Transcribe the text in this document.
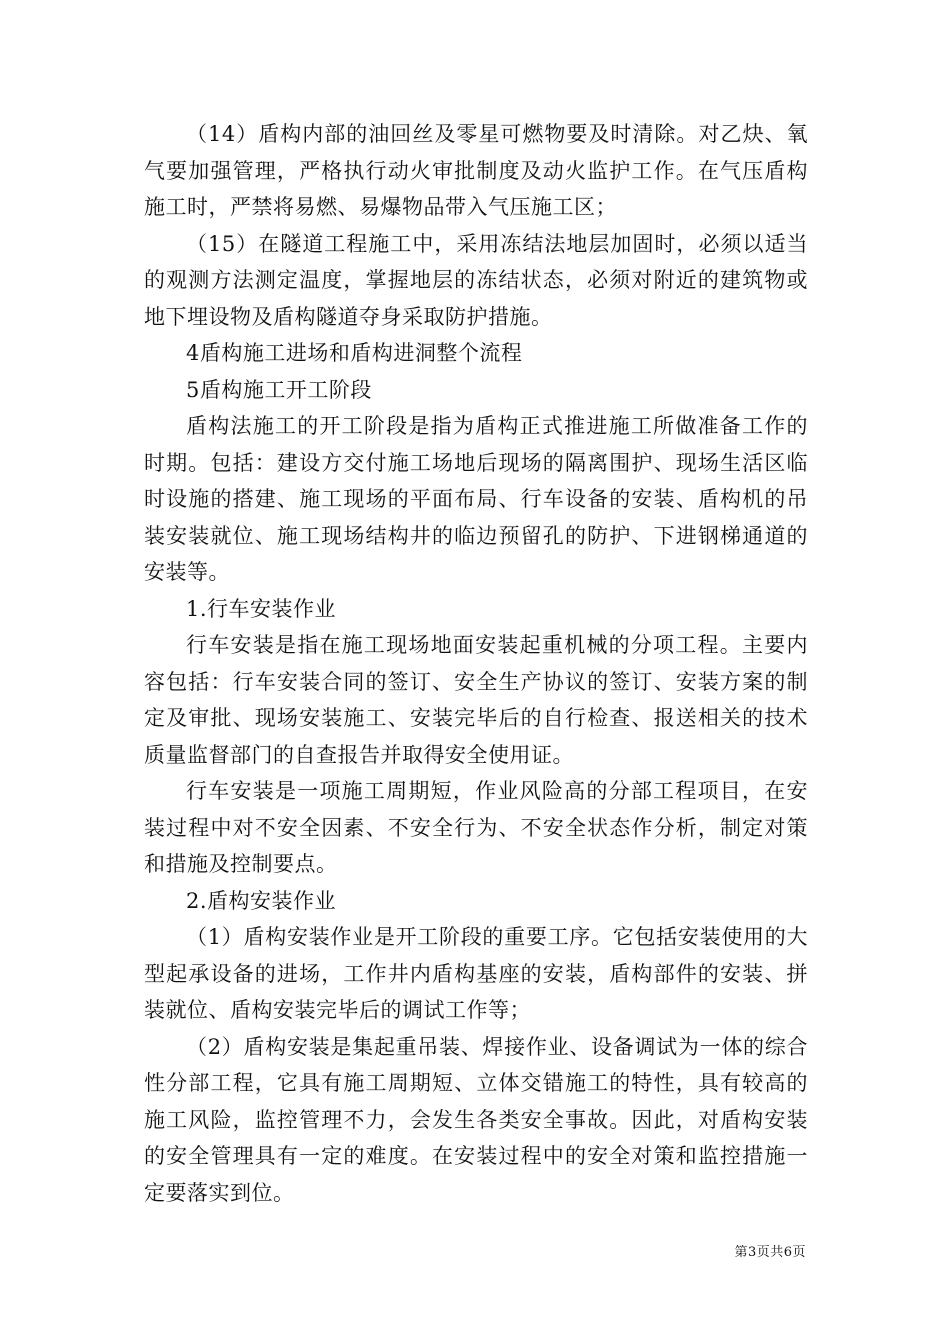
（14）盾构内部的油回丝及零星可燃物要及时清除。对乙炔、氧气要加强管理，严格执行动火审批制度及动火监护工作。在气压盾构施工时，严禁将易燃、易爆物品带入气压施工区；

（15）在隧道工程施工中，采用冻结法地层加固时，必须以适当的观测方法测定温度，掌握地层的冻结状态，必须对附近的建筑物或地下埋设物及盾构隧道夺身采取防护措施。

4盾构施工进场和盾构进洞整个流程

5盾构施工开工阶段

盾构法施工的开工阶段是指为盾构正式推进施工所做准备工作的时期。包括：建设方交付施工场地后现场的隔离围护、现场生活区临时设施的搭建、施工现场的平面布局、行车设备的安装、盾构机的吊装安装就位、施工现场结构井的临边预留孔的防护、下进钢梯通道的安装等。

1.行车安装作业

行车安装是指在施工现场地面安装起重机械的分项工程。主要内容包括：行车安装合同的签订、安全生产协议的签订、安装方案的制定及审批、现场安装施工、安装完毕后的自行检查、报送相关的技术质量监督部门的自查报告并取得安全使用证。

行车安装是一项施工周期短，作业风险高的分部工程项目，在安装过程中对不安全因素、不安全行为、不安全状态作分析，制定对策和措施及控制要点。

2.盾构安装作业

（1）盾构安装作业是开工阶段的重要工序。它包括安装使用的大型起承设备的进场，工作井内盾构基座的安装，盾构部件的安装、拼装就位、盾构安装完毕后的调试工作等；

（2）盾构安装是集起重吊装、焊接作业、设备调试为一体的综合性分部工程，它具有施工周期短、立体交错施工的特性，具有较高的施工风险，监控管理不力，会发生各类安全事故。因此，对盾构安装的安全管理具有一定的难度。在安装过程中的安全对策和监控措施一定要落实到位。

第3页共6页
